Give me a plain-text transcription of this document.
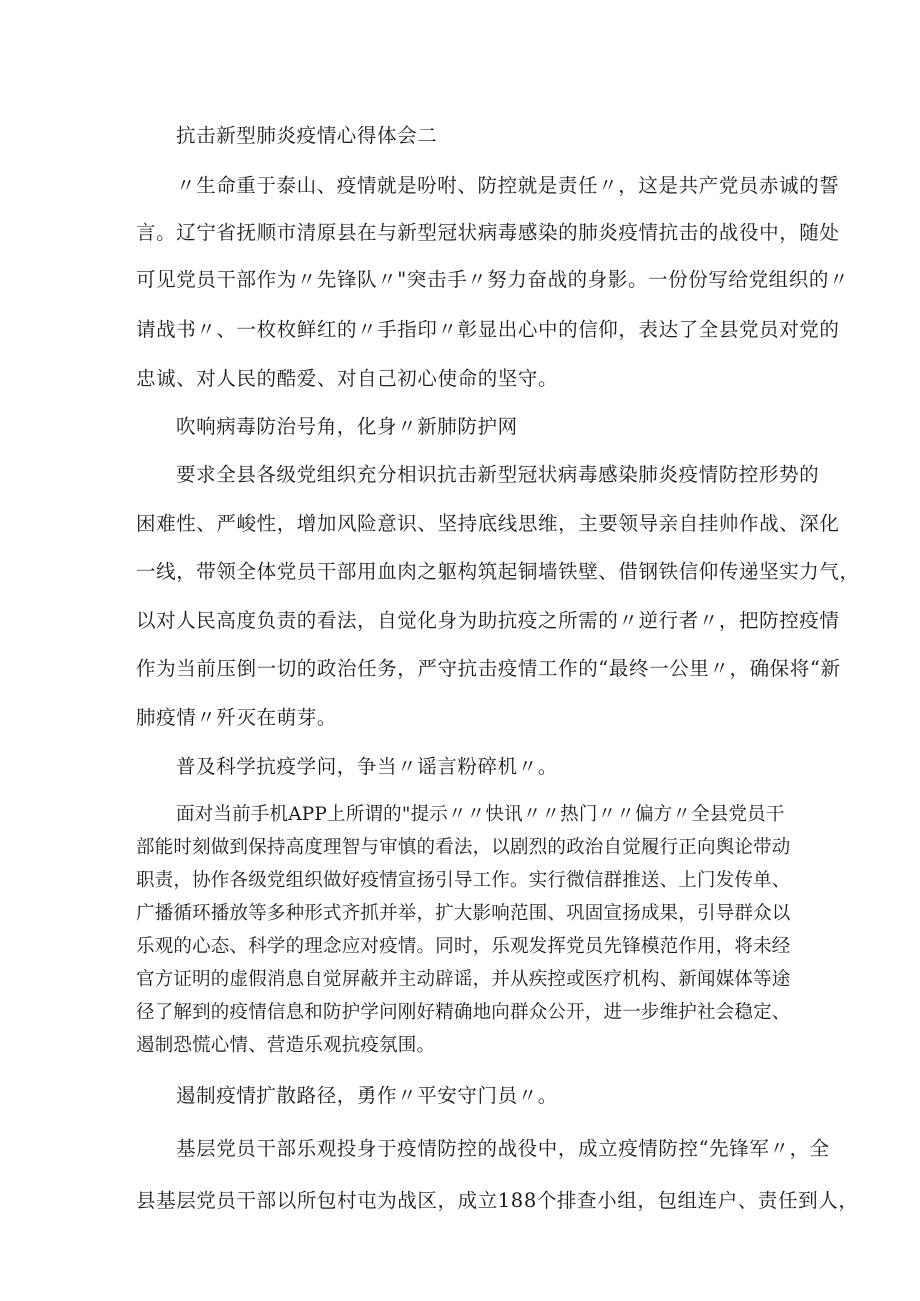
抗击新型肺炎疫情心得体会二
〃生命重于泰山、疫情就是吩咐、防控就是责任〃，这是共产党员赤诚的誓
言。辽宁省抚顺市清原县在与新型冠状病毒感染的肺炎疫情抗击的战役中，随处
可见党员干部作为〃先锋队〃"突击手〃努力奋战的身影。一份份写给党组织的〃
请战书〃、一枚枚鲜红的〃手指印〃彰显出心中的信仰，表达了全县党员对党的
忠诚、对人民的酷爱、对自己初心使命的坚守。
吹响病毒防治号角，化身〃新肺防护网
要求全县各级党组织充分相识抗击新型冠状病毒感染肺炎疫情防控形势的
困难性、严峻性，增加风险意识、坚持底线思维，主要领导亲自挂帅作战、深化
一线，带领全体党员干部用血肉之躯构筑起铜墙铁壁、借钢铁信仰传递坚实力气，
以对人民高度负责的看法，自觉化身为助抗疫之所需的〃逆行者〃，把防控疫情
作为当前压倒一切的政治任务，严守抗击疫情工作的“最终一公里〃，确保将“新
肺疫情〃歼灭在萌芽。
普及科学抗疫学问，争当〃谣言粉碎机〃。
面对当前手机APP上所谓的"提示〃〃快讯〃〃热门〃〃偏方〃全县党员干
部能时刻做到保持高度理智与审慎的看法，以剧烈的政治自觉履行正向舆论带动
职责，协作各级党组织做好疫情宣扬引导工作。实行微信群推送、上门发传单、
广播循环播放等多种形式齐抓并举，扩大影响范围、巩固宣扬成果，引导群众以
乐观的心态、科学的理念应对疫情。同时，乐观发挥党员先锋模范作用，将未经
官方证明的虚假消息自觉屏蔽并主动辟谣，并从疾控或医疗机构、新闻媒体等途
径了解到的疫情信息和防护学问刚好精确地向群众公开，进一步维护社会稳定、
遏制恐慌心情、营造乐观抗疫氛围。
遏制疫情扩散路径，勇作〃平安守门员〃。
基层党员干部乐观投身于疫情防控的战役中，成立疫情防控“先锋军〃，全
县基层党员干部以所包村屯为战区，成立188个排查小组，包组连户、责任到人，
